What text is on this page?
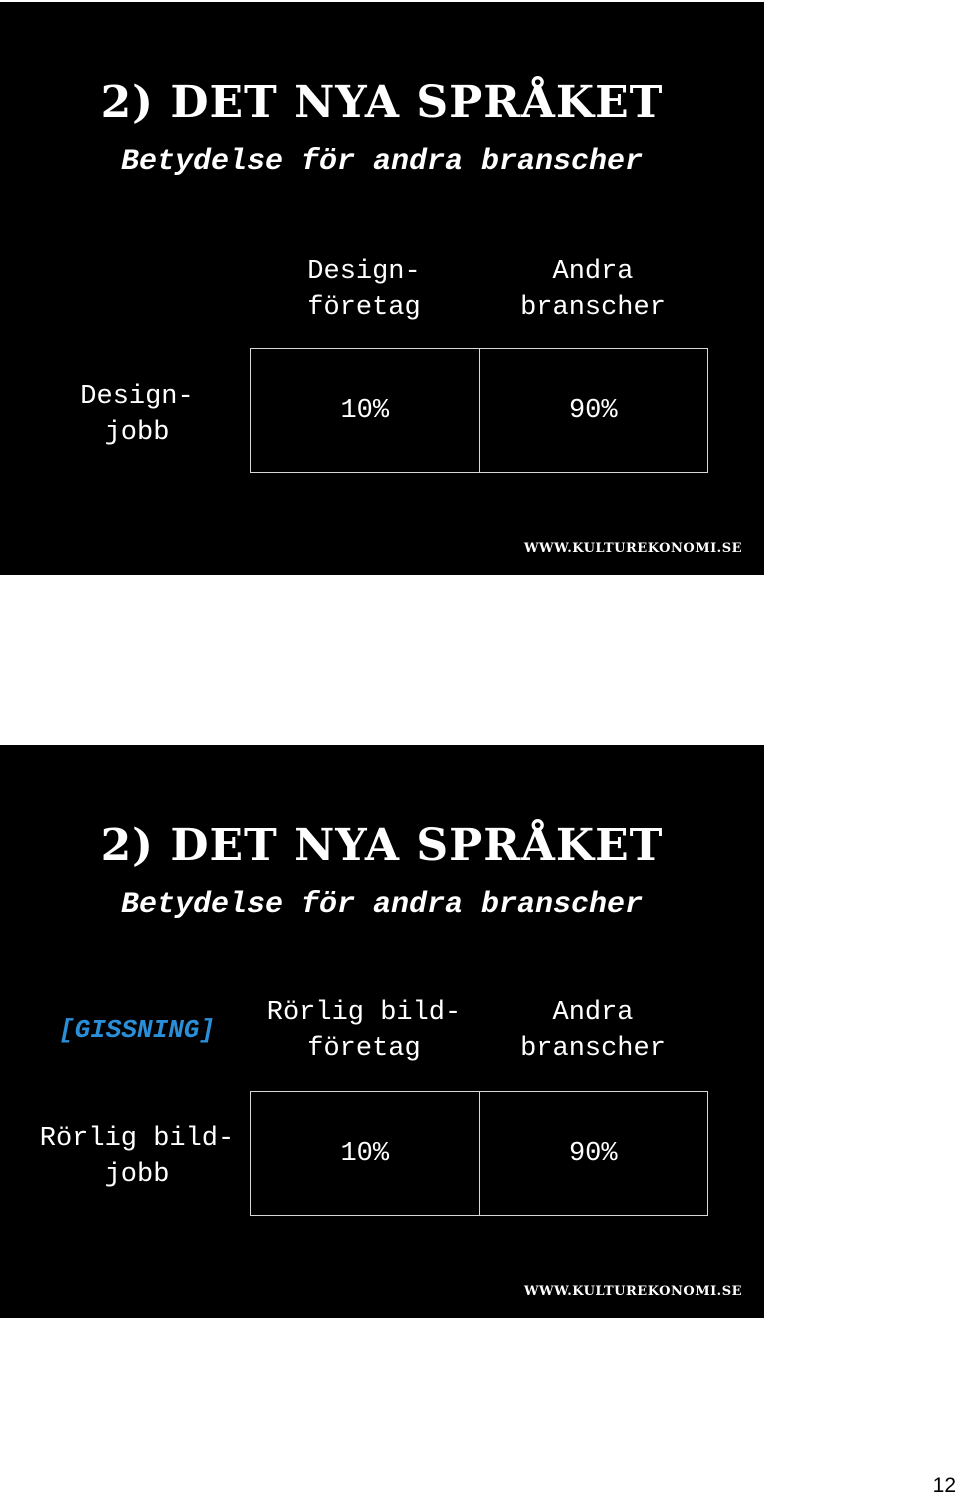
2) DET NYA SPRÅKET
Betydelse för andra branscher
Design-
företag
Andra
branscher
Design-
jobb
10%	90%
WWW.KULTUREKONOMI.SE
2) DET NYA SPRÅKET
Betydelse för andra branscher
[GISSNING]
Rörlig bild-
företag
Andra
branscher
Rörlig bild-
jobb
10%	90%
WWW.KULTUREKONOMI.SE
12
